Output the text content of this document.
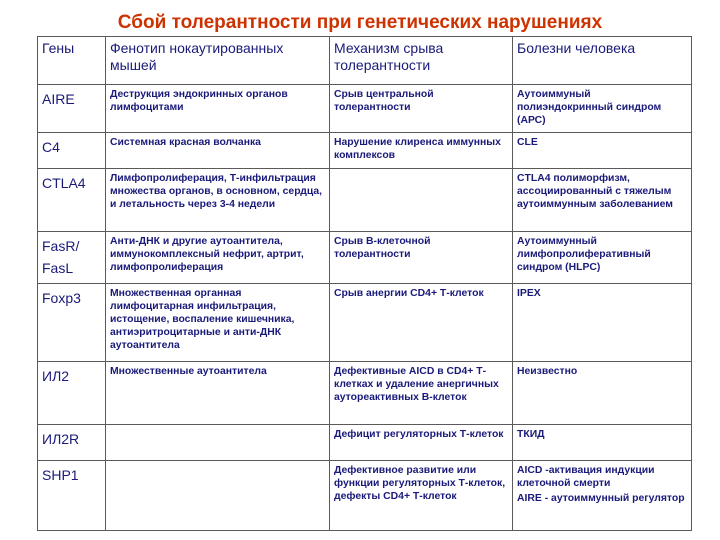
Сбой толерантности при генетических нарушениях
Гены	Фенотип нокаутированных мышей	Механизм срыва толерантности	Болезни человека
AIRE	Деструкция эндокринных органов лимфоцитами	Срыв центральной толерантности	Аутоиммуный полиэндокринный синдром (АРС)
C4	Системная красная волчанка	Нарушение клиренса иммунных комплексов	CLE
CTLA4	Лимфопролиферация, Т-инфильтрация множества органов, в основном, сердца, и летальность через 3-4 недели		CTLA4 полиморфизм, ассоциированный с тяжелым аутоиммунным заболеванием
FasR/ FasL	Анти-ДНК и другие аутоантитела, иммунокомплексный нефрит, артрит, лимфопролиферация	Срыв В-клеточной толерантности	Аутоиммунный лимфопролиферативный синдром (HLPC)
Foxp3	Множественная органная лимфоцитарная инфильтрация, истощение, воспаление кишечника, антиэритроцитарные и анти-ДНК аутоантитела	Срыв анергии CD4+ Т-клеток	IPEX
ИЛ2	Множественные аутоантитела	Дефективные AICD в CD4+ Т-клетках и удаление анергичных аутореактивных В-клеток	Неизвестно
ИЛ2R		Дефицит регуляторных Т-клеток	ТКИД
SHP1		Дефективное развитие или функции регуляторных Т-клеток, дефекты CD4+ Т-клеток	AICD -активация индукции клеточной смерти
AIRE - аутоиммунный регулятор
